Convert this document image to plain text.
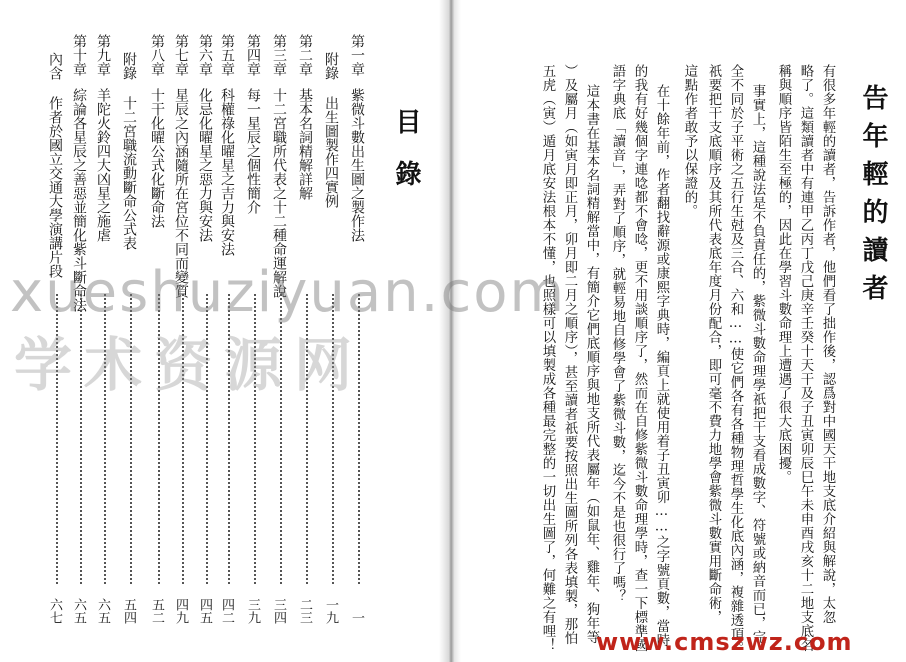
目錄
第一章
紫微斗數出生圖之製作法
一
附錄 出生圖製作四實例
一九
第二章
基本名詞精解詳解
二三
第三章
十二宮職所代表之十二種命運解說
三四
第四章
每一星辰之個性簡介
三九
第五章
科權祿化曜星之吉力與安法
四二
第六章
化忌化曜星之惡力與安法
四五
第七章
星辰之內涵隨所在宮位不同而變質
四九
第八章
十干化曜公式化斷命法
五二
附錄 十二宮職流動斷命公式表
五四
第九章
羊陀火鈴四大凶星之施虐
六五
第十章
綜論各星辰之善惡並簡化紫斗斷命法
六五
內含 作者於國立交通大學演講片段
六七
告年輕的讀者
有很多年輕的讀者，告訴作者，他們看了拙作後，認爲對中國天干地支底介紹與解說，太忽
略了。這類讀者中有連甲乙丙丁戊己庚辛壬癸十天干及子丑寅卯辰巳午未申酉戌亥十二地支底名
稱與順序皆陌生至極的，因此在學習斗數命理上遭遇了很大底困擾。
事實上，這種說法是不負責任的，紫微斗數命理學祇把干支看成數字、符號或納音而已，完
全不同於子平術之五行生尅及三合、六和……使它們各有各種物理哲學生化底內涵，複雜透頂。
祇要把干支底順序及其所代表底年度月份配合，即可毫不費力地學會紫微斗數實用斷命術，
這點作者敢予以保證的。
在十餘年前，作者翻找辭源或康熙字典時，編頁上就使用着子丑寅卯……之字號頁數，當時
的我有好幾個字連唸都不會唸，更不用談順序了，然而在自修紫微斗數命理學時，查一下標準國
語字典底「讀音」，弄對了順序，就輕易地自修學會了紫微斗數，迄今不是也很行了嗎？
這本書在基本名詞精解當中，有簡介它們底順序與地支所代表屬年（如鼠年、雞年、狗年等
）及屬月（如寅月即正月，卯月即二月之順序），甚至讀者祇要按照出生圖所列各表填製，那怕
五虎（寅）遁月底安法根本不懂，也照樣可以填製成各種最完整的一切出生圖了，何難之有哩！
xueshuziyuan.com
学术资源网
www.cmszwz.com
